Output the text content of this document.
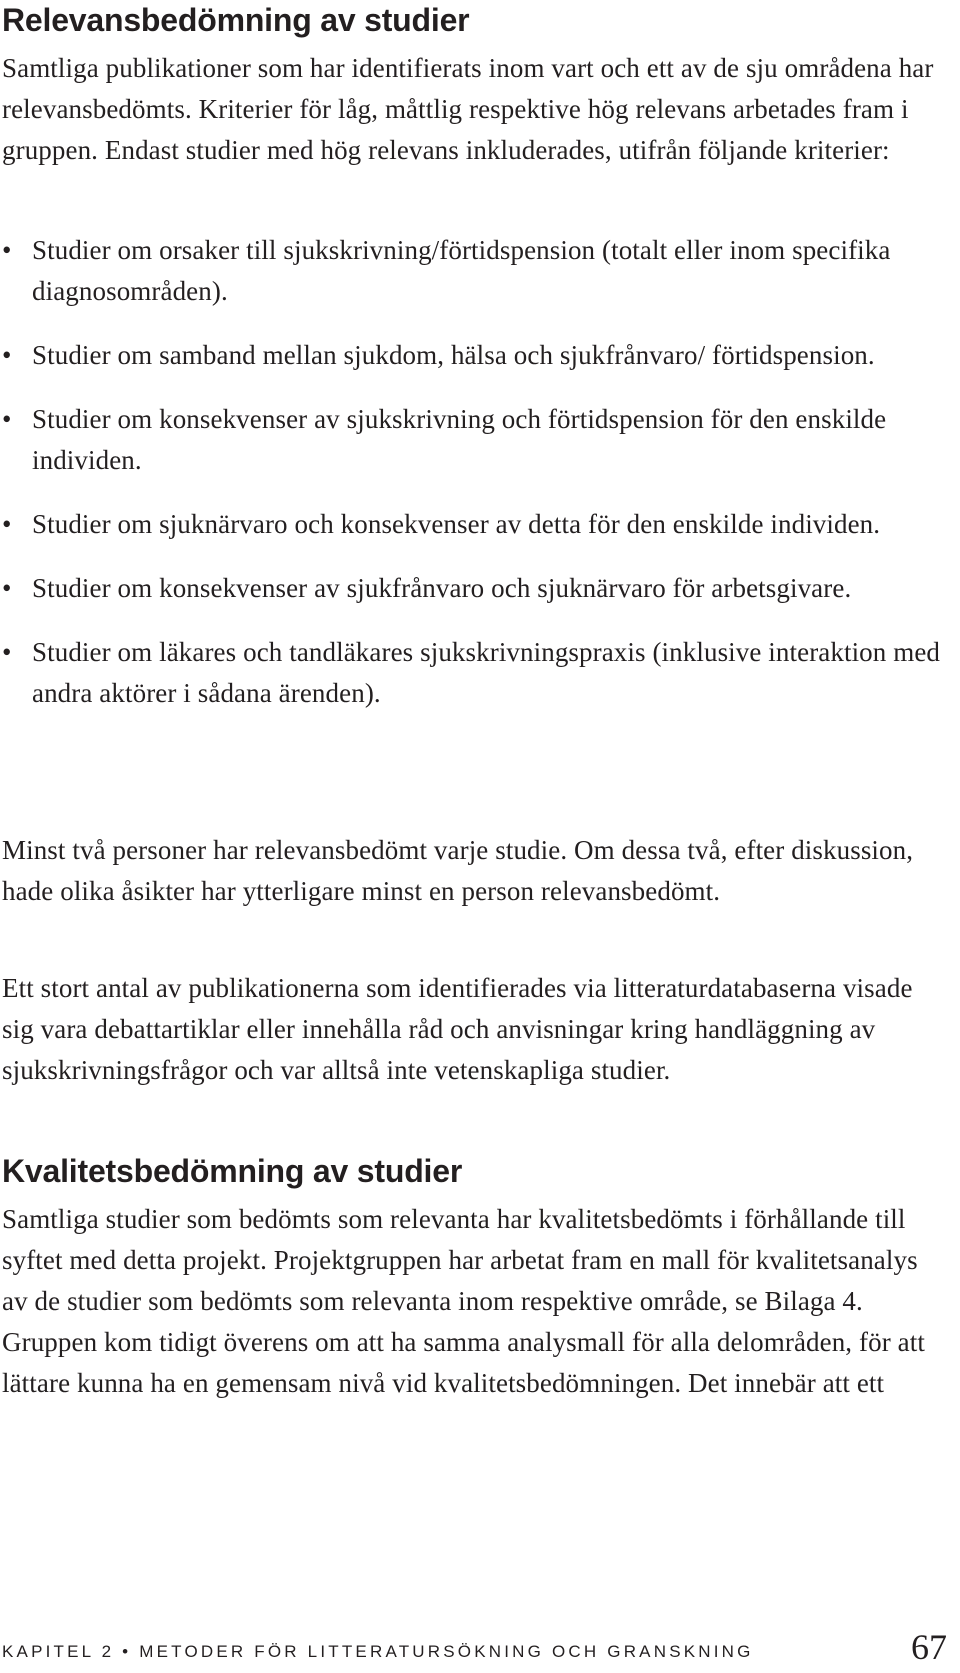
Relevansbedömning av studier

Samtliga publikationer som har identifierats inom vart och ett av de sju områdena har relevansbedömts. Kriterier för låg, måttlig respektive hög relevans arbetades fram i gruppen. Endast studier med hög relevans inkluderades, utifrån följande kriterier:

• Studier om orsaker till sjukskrivning/förtidspension (totalt eller inom specifika diagnosområden).
• Studier om samband mellan sjukdom, hälsa och sjukfrånvaro/ förtidspension.
• Studier om konsekvenser av sjukskrivning och förtidspension för den enskilde individen.
• Studier om sjuknärvaro och konsekvenser av detta för den enskilde individen.
• Studier om konsekvenser av sjukfrånvaro och sjuknärvaro för arbetsgivare.
• Studier om läkares och tandläkares sjukskrivningspraxis (inklusive interaktion med andra aktörer i sådana ärenden).

Minst två personer har relevansbedömt varje studie. Om dessa två, efter diskussion, hade olika åsikter har ytterligare minst en person relevansbedömt.

Ett stort antal av publikationerna som identifierades via litteraturdatabaserna visade sig vara debattartiklar eller innehålla råd och anvisningar kring handläggning av sjukskrivningsfrågor och var alltså inte vetenskapliga studier.

Kvalitetsbedömning av studier

Samtliga studier som bedömts som relevanta har kvalitetsbedömts i förhållande till syftet med detta projekt. Projektgruppen har arbetat fram en mall för kvalitetsanalys av de studier som bedömts som relevanta inom respektive område, se Bilaga 4. Gruppen kom tidigt överens om att ha samma analysmall för alla delområden, för att lättare kunna ha en gemensam nivå vid kvalitetsbedömningen. Det innebär att ett

KAPITEL 2 • METODER FÖR LITTERATURSÖKNING OCH GRANSKNING	67
